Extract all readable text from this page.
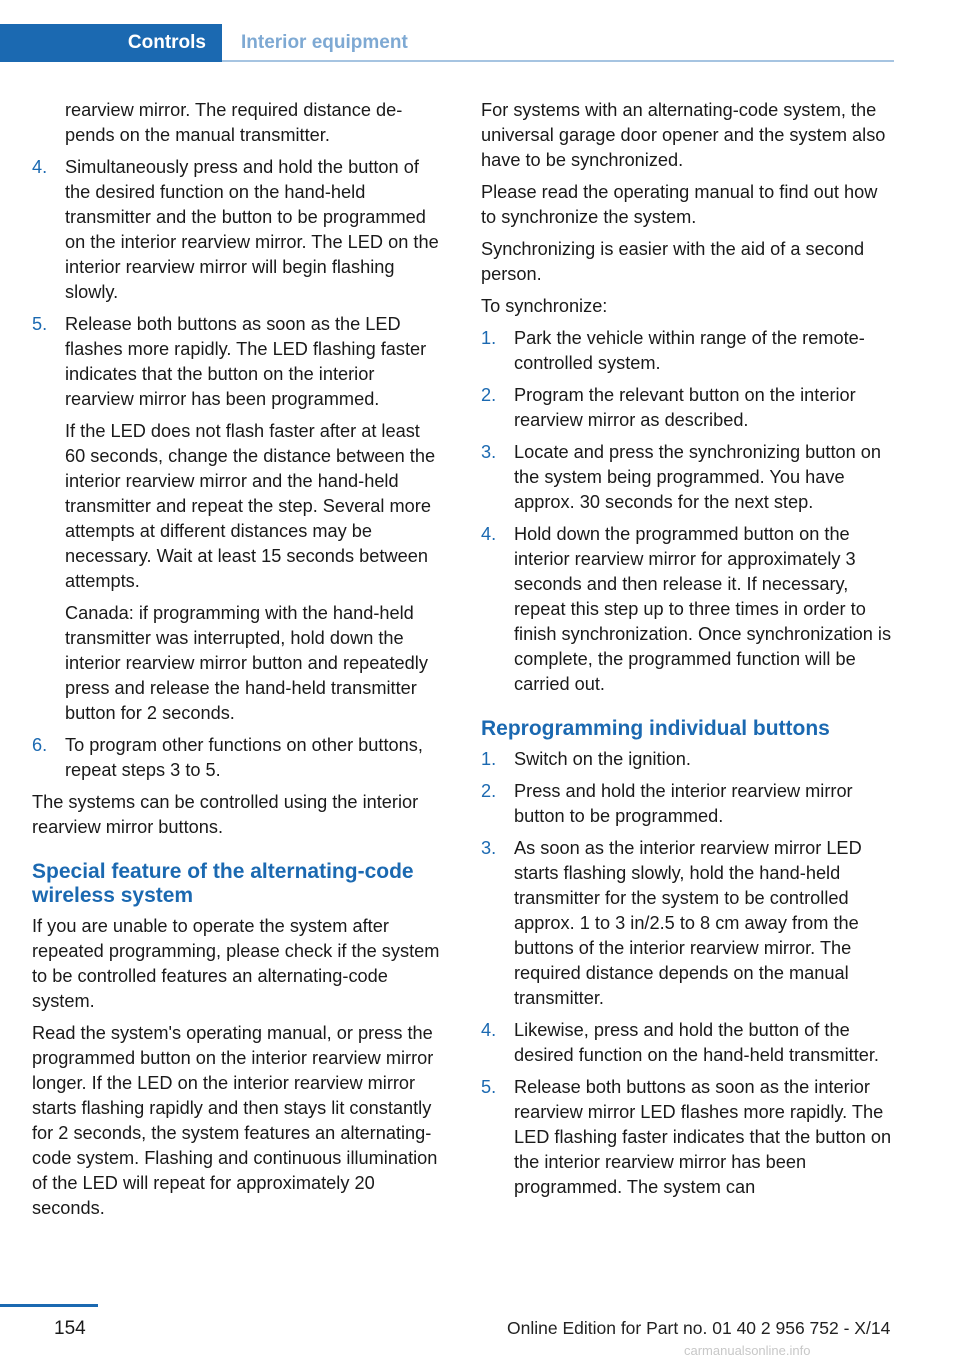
Controls	Interior equipment

rearview mirror. The required distance depends on the manual transmitter.

4. Simultaneously press and hold the button of the desired function on the hand-held transmitter and the button to be programmed on the interior rearview mirror. The LED on the interior rearview mirror will begin flashing slowly.
5. Release both buttons as soon as the LED flashes more rapidly. The LED flashing faster indicates that the button on the interior rearview mirror has been programmed.

If the LED does not flash faster after at least 60 seconds, change the distance between the interior rearview mirror and the hand-held transmitter and repeat the step. Several more attempts at different distances may be necessary. Wait at least 15 seconds between attempts.

Canada: if programming with the hand-held transmitter was interrupted, hold down the interior rearview mirror button and repeatedly press and release the hand-held transmitter button for 2 seconds.

6. To program other functions on other buttons, repeat steps 3 to 5.

The systems can be controlled using the interior rearview mirror buttons.

Special feature of the alternating-code wireless system

If you are unable to operate the system after repeated programming, please check if the system to be controlled features an alternating-code system.

Read the system's operating manual, or press the programmed button on the interior rearview mirror longer. If the LED on the interior rearview mirror starts flashing rapidly and then stays lit constantly for 2 seconds, the system features an alternating-code system. Flashing and continuous illumination of the LED will repeat for approximately 20 seconds.

For systems with an alternating-code system, the universal garage door opener and the system also have to be synchronized.

Please read the operating manual to find out how to synchronize the system.

Synchronizing is easier with the aid of a second person.

To synchronize:

1. Park the vehicle within range of the remote-controlled system.
2. Program the relevant button on the interior rearview mirror as described.
3. Locate and press the synchronizing button on the system being programmed. You have approx. 30 seconds for the next step.
4. Hold down the programmed button on the interior rearview mirror for approximately 3 seconds and then release it. If necessary, repeat this step up to three times in order to finish synchronization. Once synchronization is complete, the programmed function will be carried out.
Reprogramming individual buttons
1. Switch on the ignition.
2. Press and hold the interior rearview mirror button to be programmed.
3. As soon as the interior rearview mirror LED starts flashing slowly, hold the hand-held transmitter for the system to be controlled approx. 1 to 3 in/2.5 to 8 cm away from the buttons of the interior rearview mirror. The required distance depends on the manual transmitter.
4. Likewise, press and hold the button of the desired function on the hand-held transmitter.
5. Release both buttons as soon as the interior rearview mirror LED flashes more rapidly. The LED flashing faster indicates that the button on the interior rearview mirror has been programmed. The system can
154	Online Edition for Part no. 01 40 2 956 752 - X/14
carmanualsonline.info
